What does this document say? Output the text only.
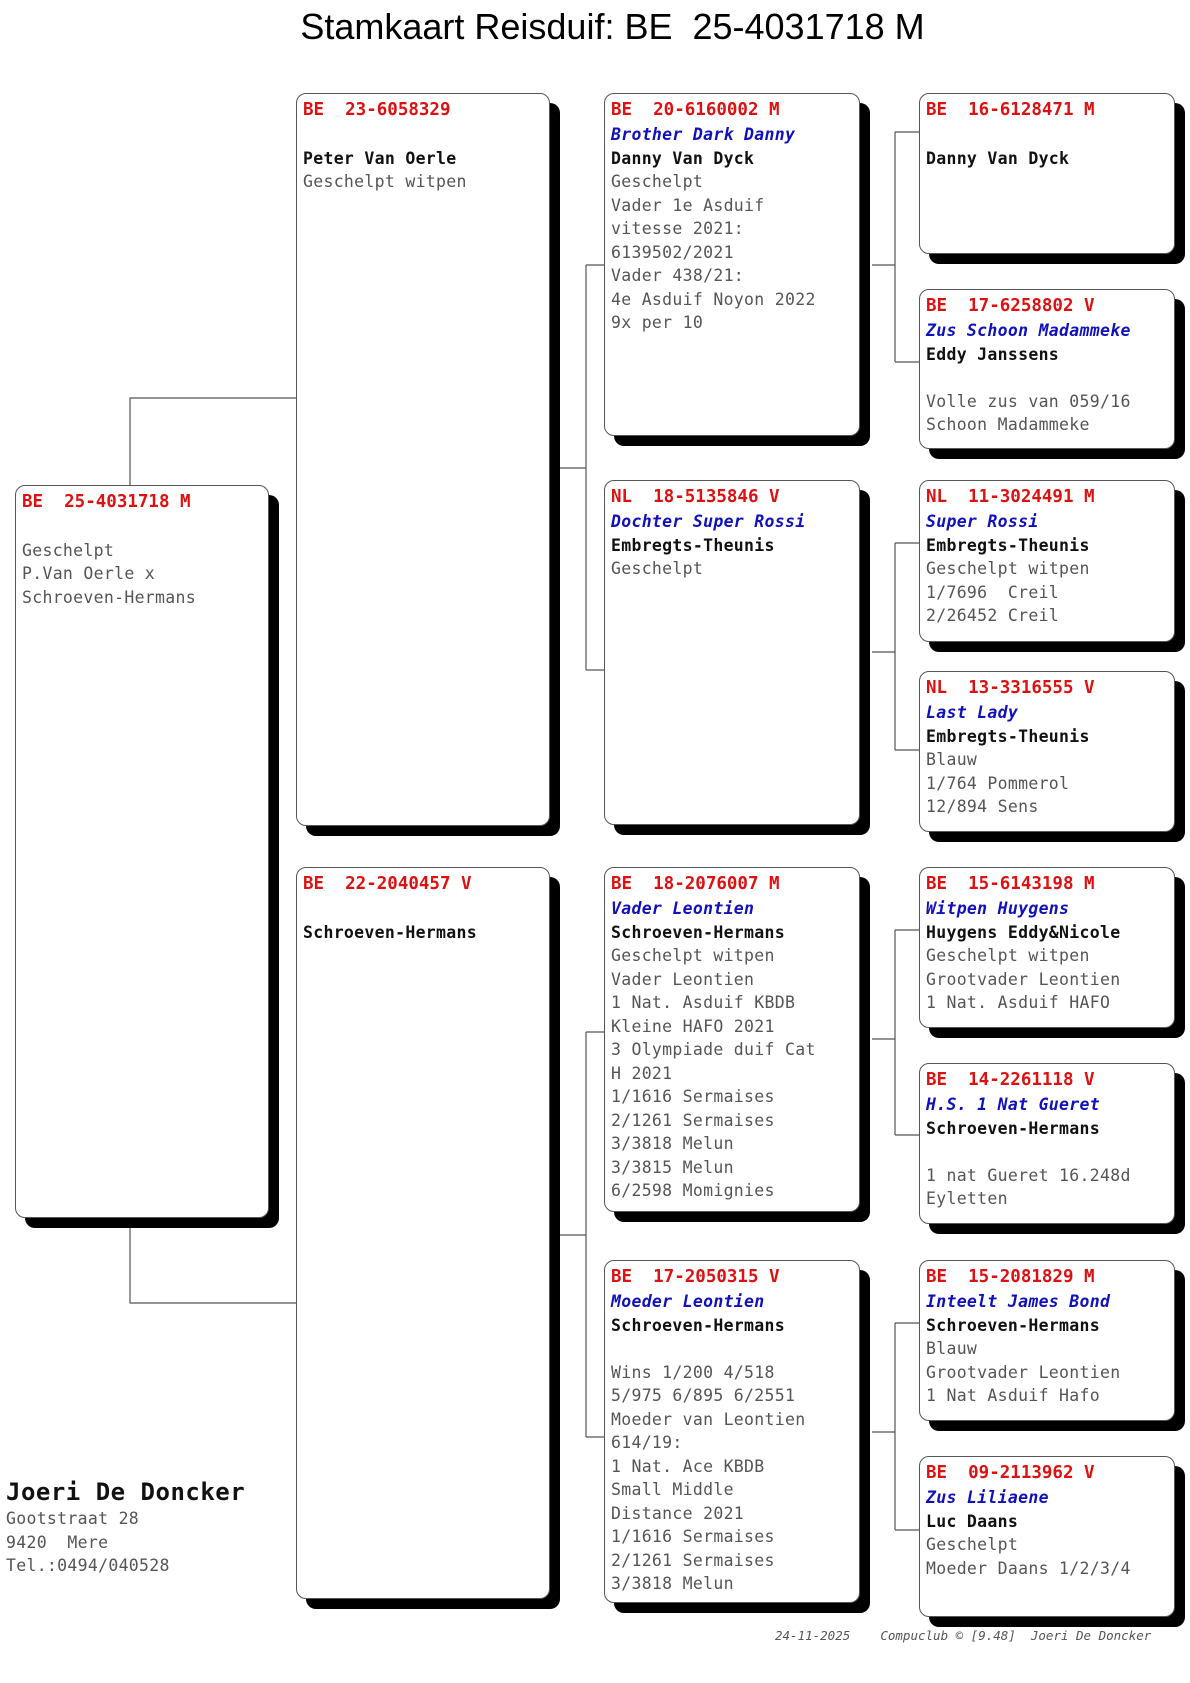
Stamkaart Reisduif: BE  25-4031718 M
BE  25-4031718 M
Geschelpt
P.Van Oerle x
Schroeven-Hermans
BE  23-6058329
Peter Van Oerle
Geschelpt witpen
BE  22-2040457 V
Schroeven-Hermans
BE  20-6160002 M
Brother Dark Danny
Danny Van Dyck
Geschelpt
Vader 1e Asduif
vitesse 2021:
6139502/2021
Vader 438/21:
4e Asduif Noyon 2022
9x per 10
NL  18-5135846 V
Dochter Super Rossi
Embregts-Theunis
Geschelpt
BE  18-2076007 M
Vader Leontien
Schroeven-Hermans
Geschelpt witpen
Vader Leontien
1 Nat. Asduif KBDB
Kleine HAFO 2021
3 Olympiade duif Cat
H 2021
1/1616 Sermaises
2/1261 Sermaises
3/3818 Melun
3/3815 Melun
6/2598 Momignies
BE  17-2050315 V
Moeder Leontien
Schroeven-Hermans
Wins 1/200 4/518
5/975 6/895 6/2551
Moeder van Leontien
614/19:
1 Nat. Ace KBDB
Small Middle
Distance 2021
1/1616 Sermaises
2/1261 Sermaises
3/3818 Melun
BE  16-6128471 M
Danny Van Dyck
BE  17-6258802 V
Zus Schoon Madammeke
Eddy Janssens
Volle zus van 059/16
Schoon Madammeke
NL  11-3024491 M
Super Rossi
Embregts-Theunis
Geschelpt witpen
1/7696  Creil
2/26452 Creil
NL  13-3316555 V
Last Lady
Embregts-Theunis
Blauw
1/764 Pommerol
12/894 Sens
BE  15-6143198 M
Witpen Huygens
Huygens Eddy&Nicole
Geschelpt witpen
Grootvader Leontien
1 Nat. Asduif HAFO
BE  14-2261118 V
H.S. 1 Nat Gueret
Schroeven-Hermans
1 nat Gueret 16.248d
Eyletten
BE  15-2081829 M
Inteelt James Bond
Schroeven-Hermans
Blauw
Grootvader Leontien
1 Nat Asduif Hafo
BE  09-2113962 V
Zus Liliaene
Luc Daans
Geschelpt
Moeder Daans 1/2/3/4
Joeri De Doncker
Gootstraat 28
9420  Mere
Tel.:0494/040528
24-11-2025    Compuclub © [9.48]  Joeri De Doncker
